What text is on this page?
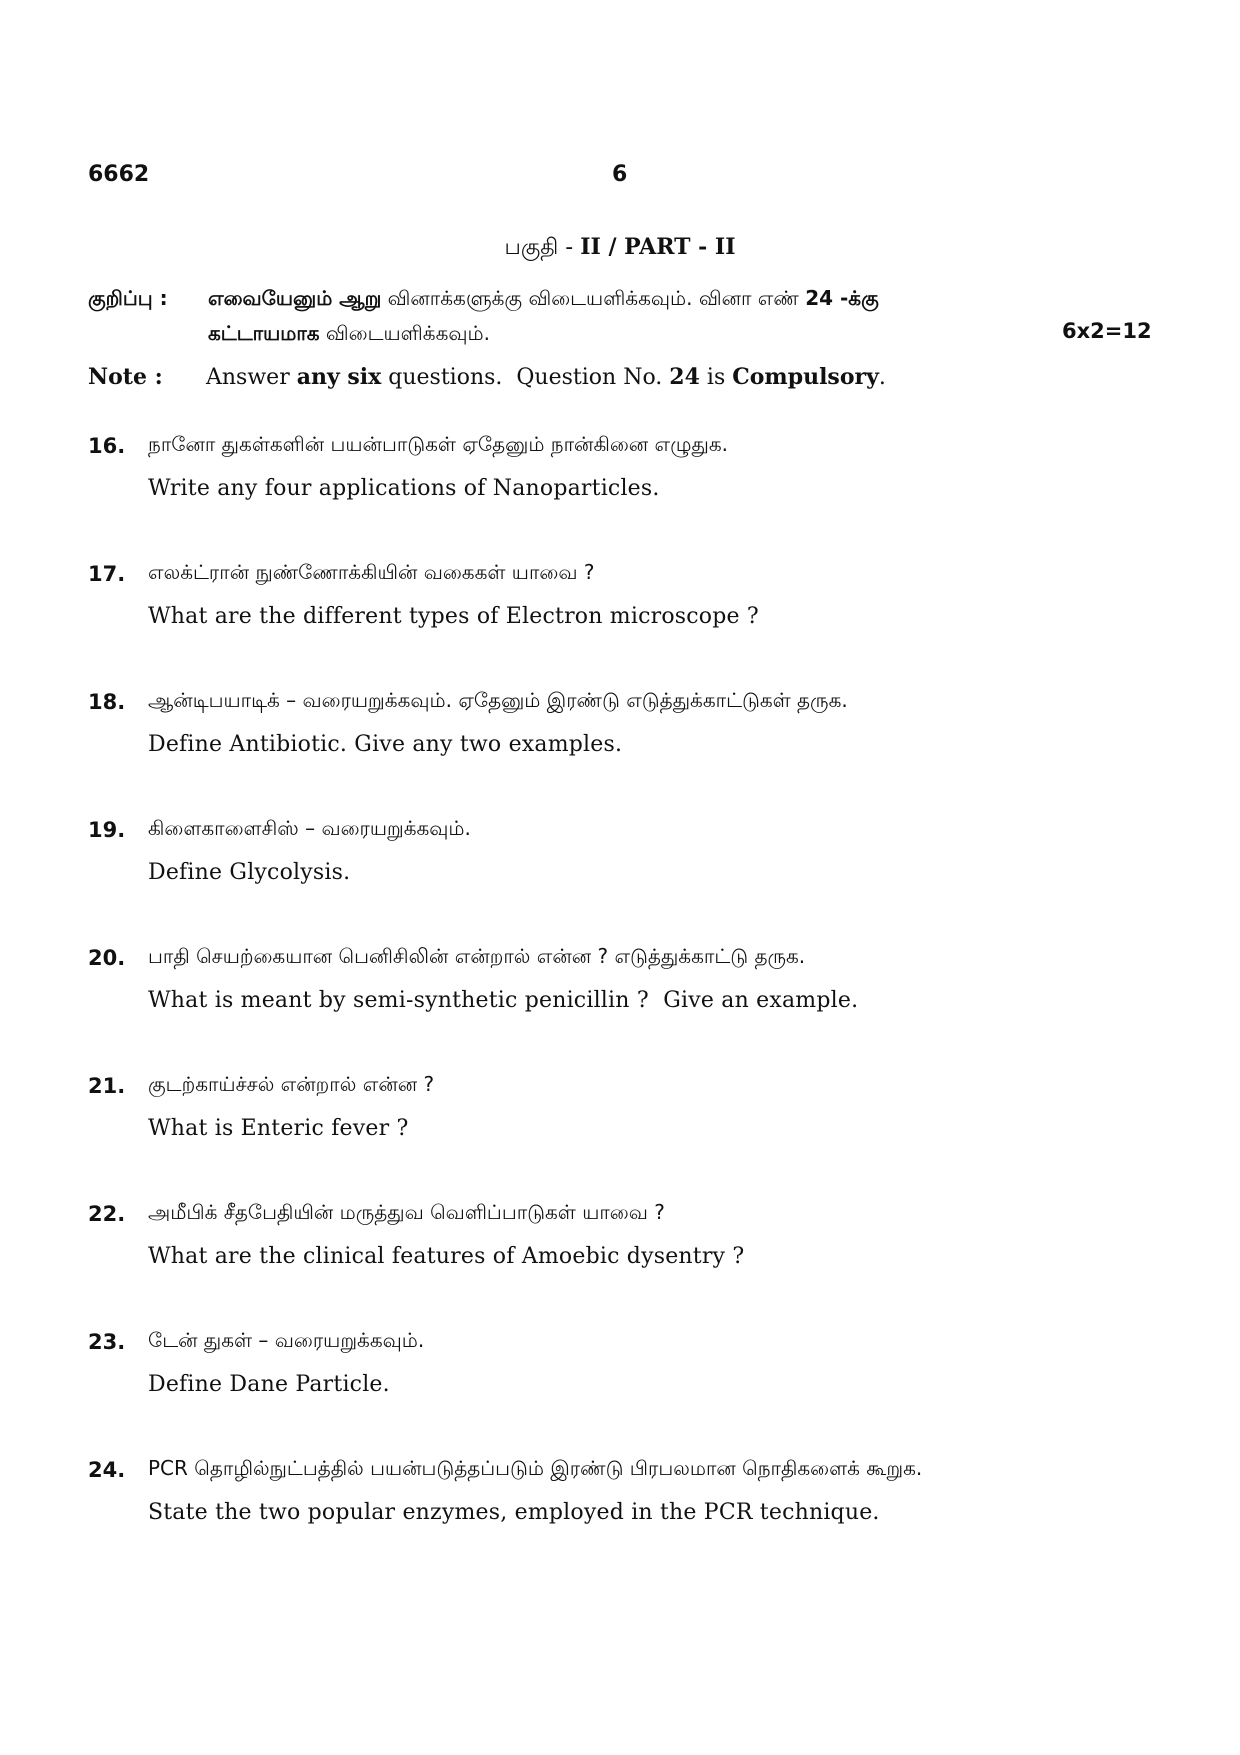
6662	6
பகுதி - II / PART - II
குறிப்பு : எவையேனும் ஆறு வினாக்களுக்கு விடையளிக்கவும். வினா எண் 24 -க்கு
கட்டாயமாக விடையளிக்கவும்.	6x2=12
Note : Answer any six questions.  Question No. 24 is Compulsory.
16. நானோ துகள்களின் பயன்பாடுகள் ஏதேனும் நான்கினை எழுதுக.
Write any four applications of Nanoparticles.
17. எலக்ட்ரான் நுண்ணோக்கியின் வகைகள் யாவை ?
What are the different types of Electron microscope ?
18. ஆன்டிபயாடிக் – வரையறுக்கவும். ஏதேனும் இரண்டு எடுத்துக்காட்டுகள் தருக.
Define Antibiotic. Give any two examples.
19. கிளைகாளைசிஸ் – வரையறுக்கவும்.
Define Glycolysis.
20. பாதி செயற்கையான பெனிசிலின் என்றால் என்ன ? எடுத்துக்காட்டு தருக.
What is meant by semi-synthetic penicillin ?  Give an example.
21. குடற்காய்ச்சல் என்றால் என்ன ?
What is Enteric fever ?
22. அமீபிக் சீதபேதியின் மருத்துவ வெளிப்பாடுகள் யாவை ?
What are the clinical features of Amoebic dysentry ?
23. டேன் துகள் – வரையறுக்கவும்.
Define Dane Particle.
24. PCR தொழில்நுட்பத்தில் பயன்படுத்தப்படும் இரண்டு பிரபலமான நொதிகளைக் கூறுக.
State the two popular enzymes, employed in the PCR technique.
